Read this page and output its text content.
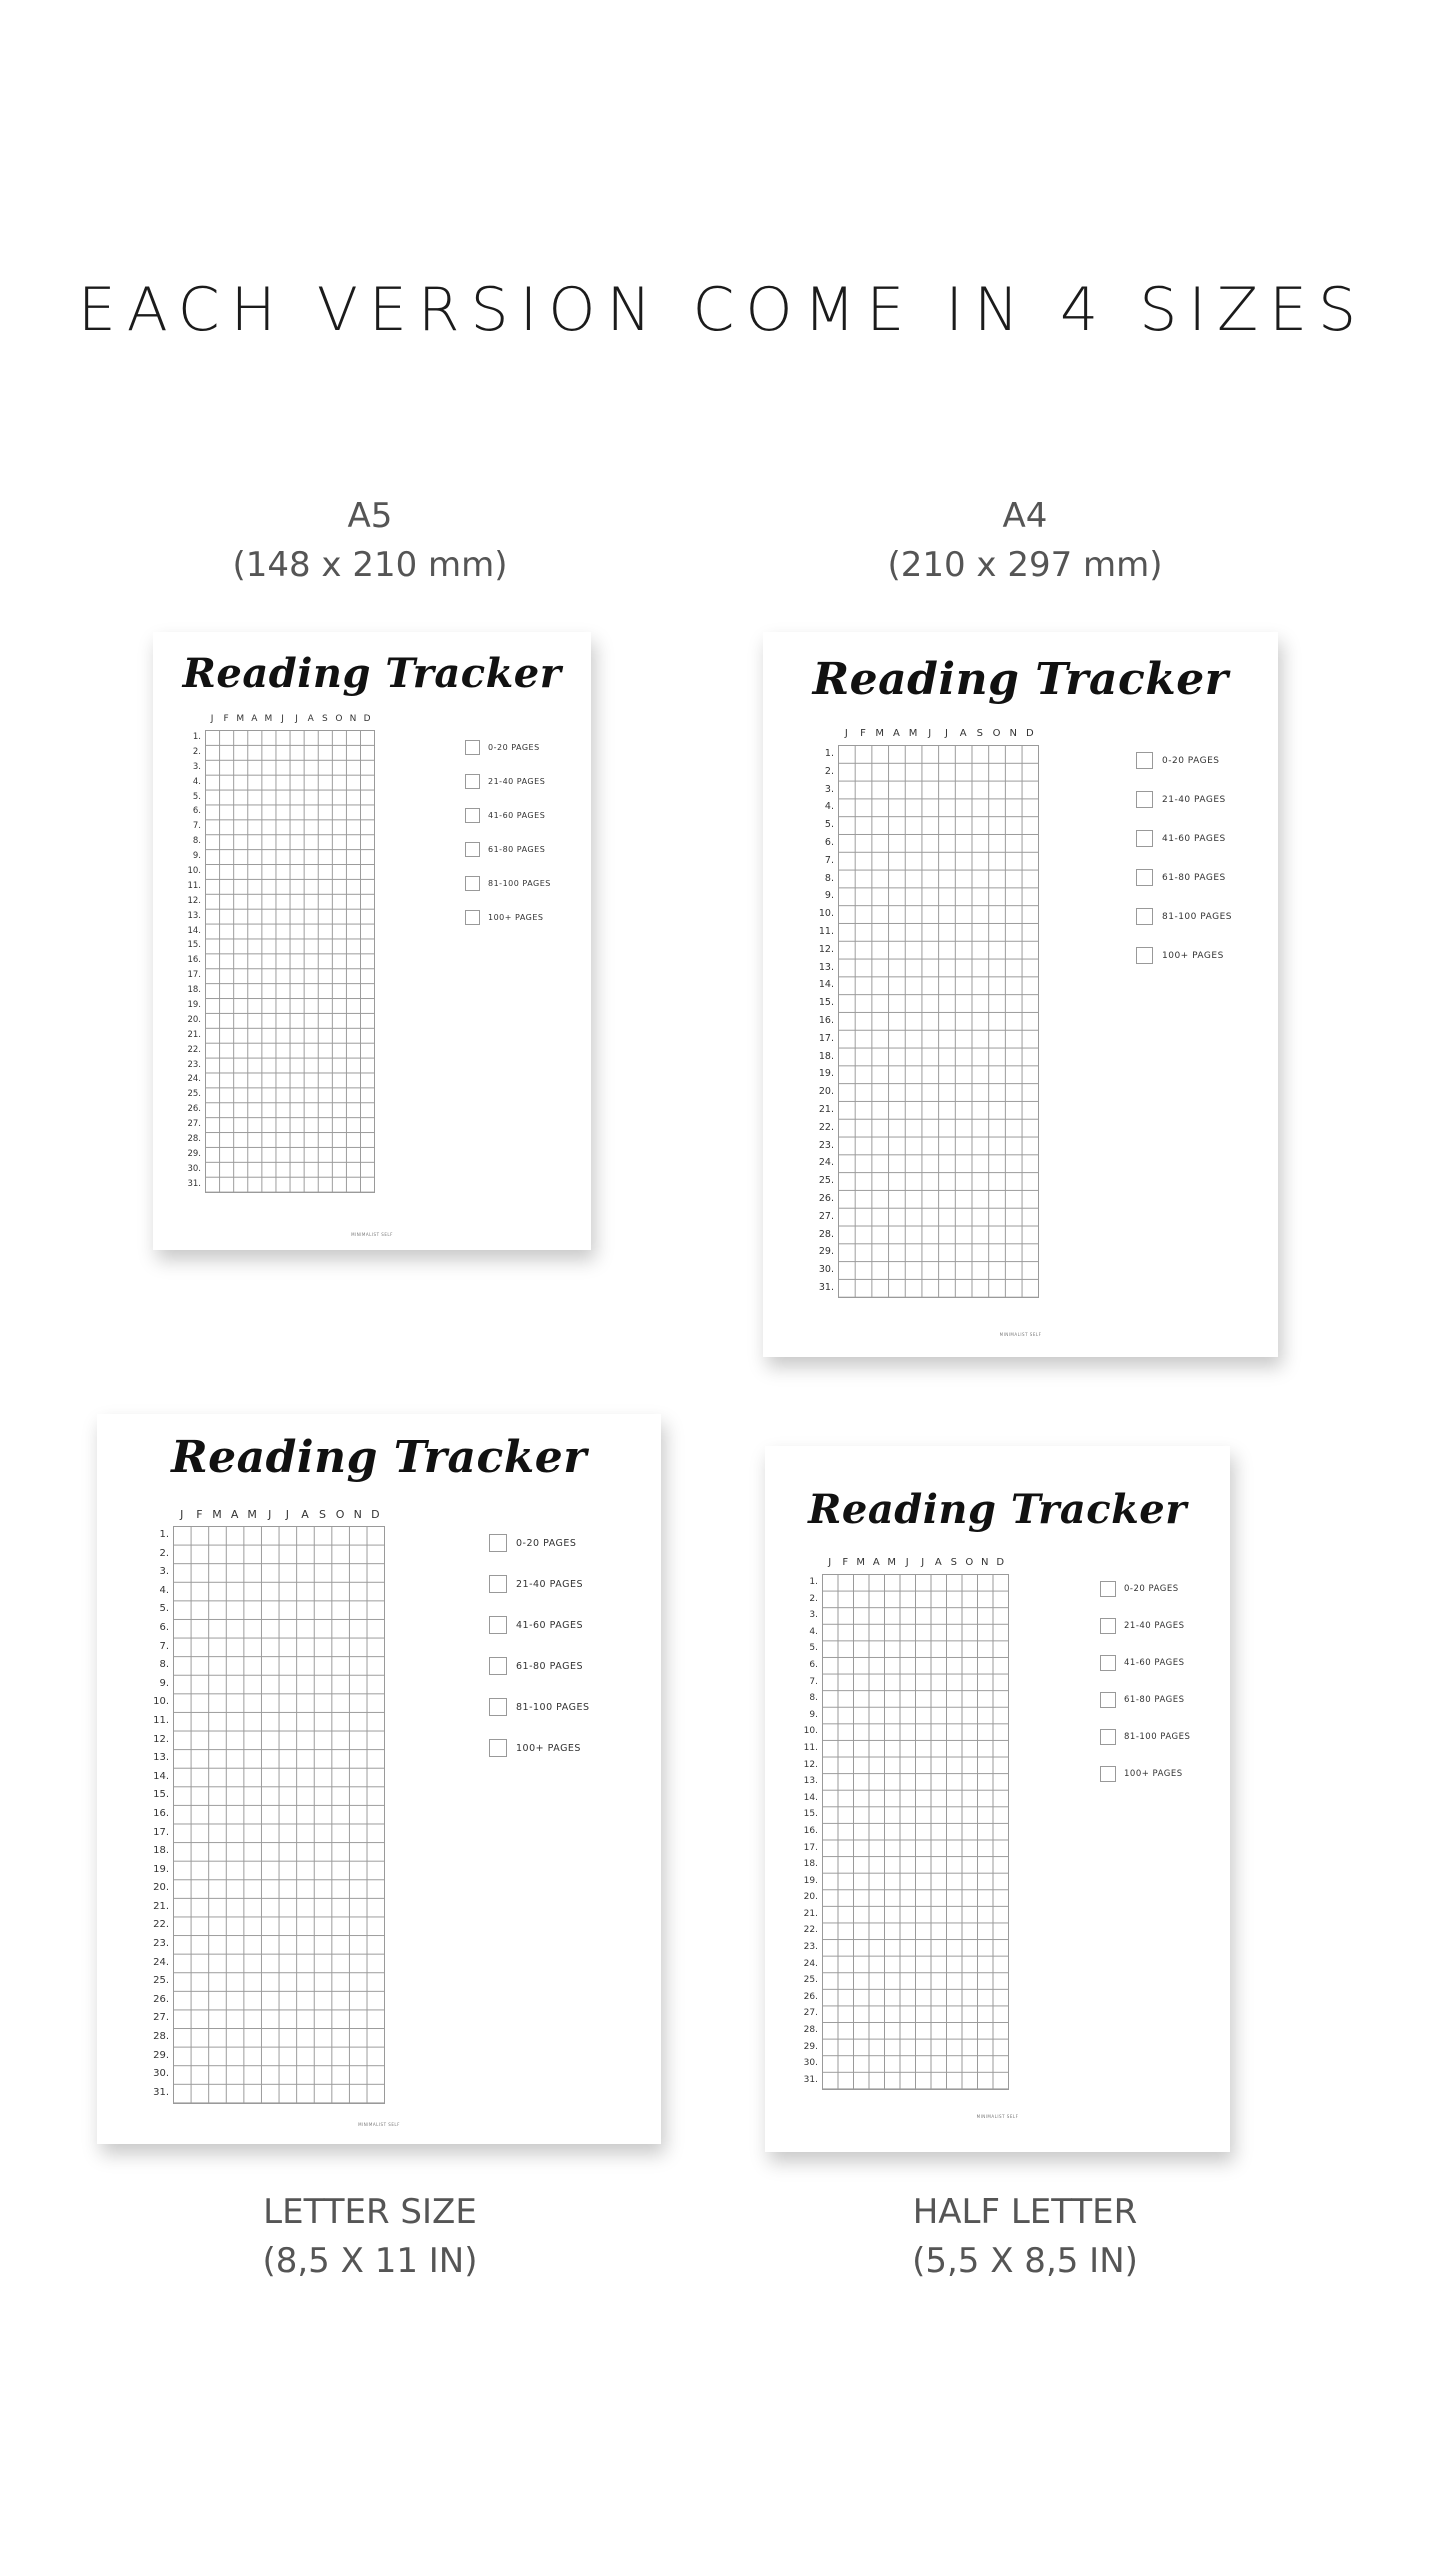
EACH VERSION COME IN 4 SIZES
A5
(148 x 210 mm)
A4
(210 x 297 mm)
LETTER SIZE
(8,5 X 11 IN)
HALF LETTER
(5,5 X 8,5 IN)
Reading Tracker
J	F M A M J	J	A S O N D
1.
2.
3.
4.
5.
6.
7.
8.
9.
10.
11.
12.
13.
14.
15.
16.
17.
18.
19.
20.
21.
22.
23.
24.
25.
26.
27.
28.
29.
30.
31.
0-20 PAGES
21-40 PAGES
41-60 PAGES
61-80 PAGES
81-100 PAGES
100+ PAGES
MINIMALIST SELF
Reading Tracker
J	F M A M	J	J	A	S O N D
1.
2.
3.
4.
5.
6.
7.
8.
9.
10.
11.
12.
13.
14.
15.
16.
17.
18.
19.
20.
21.
22.
23.
24.
25.
26.
27.
28.
29.
30.
31.
0-20 PAGES
21-40 PAGES
41-60 PAGES
61-80 PAGES
81-100 PAGES
100+ PAGES
MINIMALIST SELF
Reading Tracker
J	F M A M	J	J	A S O N D
1.
2.
3.
4.
5.
6.
7.
8.
9.
10.
11.
12.
13.
14.
15.
16.
17.
18.
19.
20.
21.
22.
23.
24.
25.
26.
27.
28.
29.
30.
31.
0-20 PAGES
21-40 PAGES
41-60 PAGES
61-80 PAGES
81-100 PAGES
100+ PAGES
MINIMALIST SELF
Reading Tracker
J	F M A M J	J	A S O N D
1.
2.
3.
4.
5.
6.
7.
8.
9.
10.
11.
12.
13.
14.
15.
16.
17.
18.
19.
20.
21.
22.
23.
24.
25.
26.
27.
28.
29.
30.
31.
0-20 PAGES
21-40 PAGES
41-60 PAGES
61-80 PAGES
81-100 PAGES
100+ PAGES
MINIMALIST SELF
